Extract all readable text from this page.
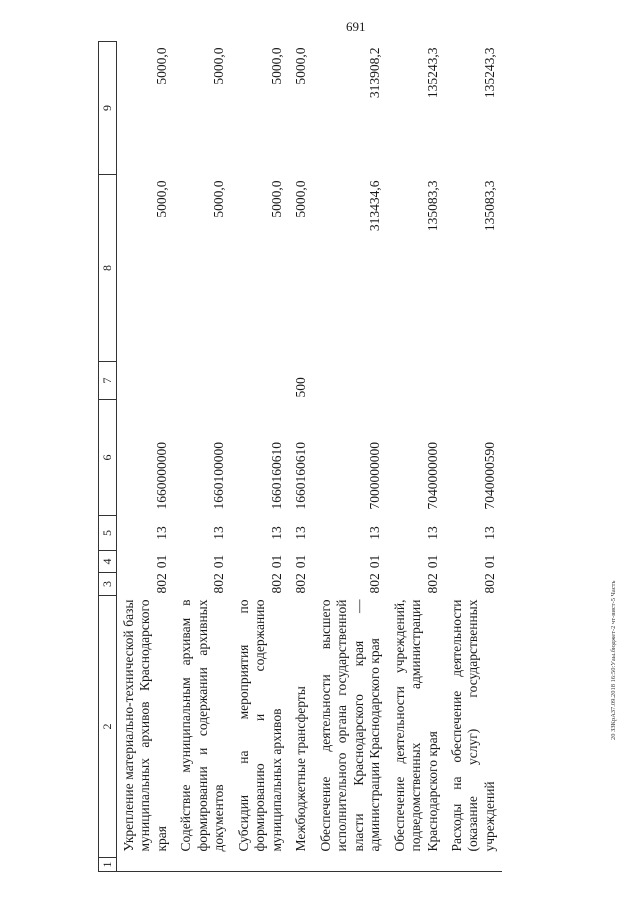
691
20 ЗЗКрАЗ7.09.2018 16:50:Уаы.бюджет-2 чт-вист-5 Часть
1	2	3	4	5	6	7	8	9
	Укрепление материально-технической базы муниципальных архивов Краснодарского края	802	01	13	1660000000		5000,0	5000,0
	Содействие муниципальным архивам в формировании и содержании архивных документов	802	01	13	1660100000		5000,0	5000,0
	Субсидии на мероприятия по формированию и содержанию муниципальных архивов	802	01	13	1660160610		5000,0	5000,0
	Межбюджетные трансферты	802	01	13	1660160610	500	5000,0	5000,0
	Обеспечение деятельности высшего исполнительного органа государственной власти Краснодарского края — администрации Краснодарского края	802	01	13	7000000000		313434,6	313908,2
	Обеспечение деятельности учреждений, подведомственных администрации Краснодарского края	802	01	13	7040000000		135083,3	135243,3
	Расходы на обеспечение деятельности (оказание услуг) государственных учреждений	802	01	13	7040000590		135083,3	135243,3
